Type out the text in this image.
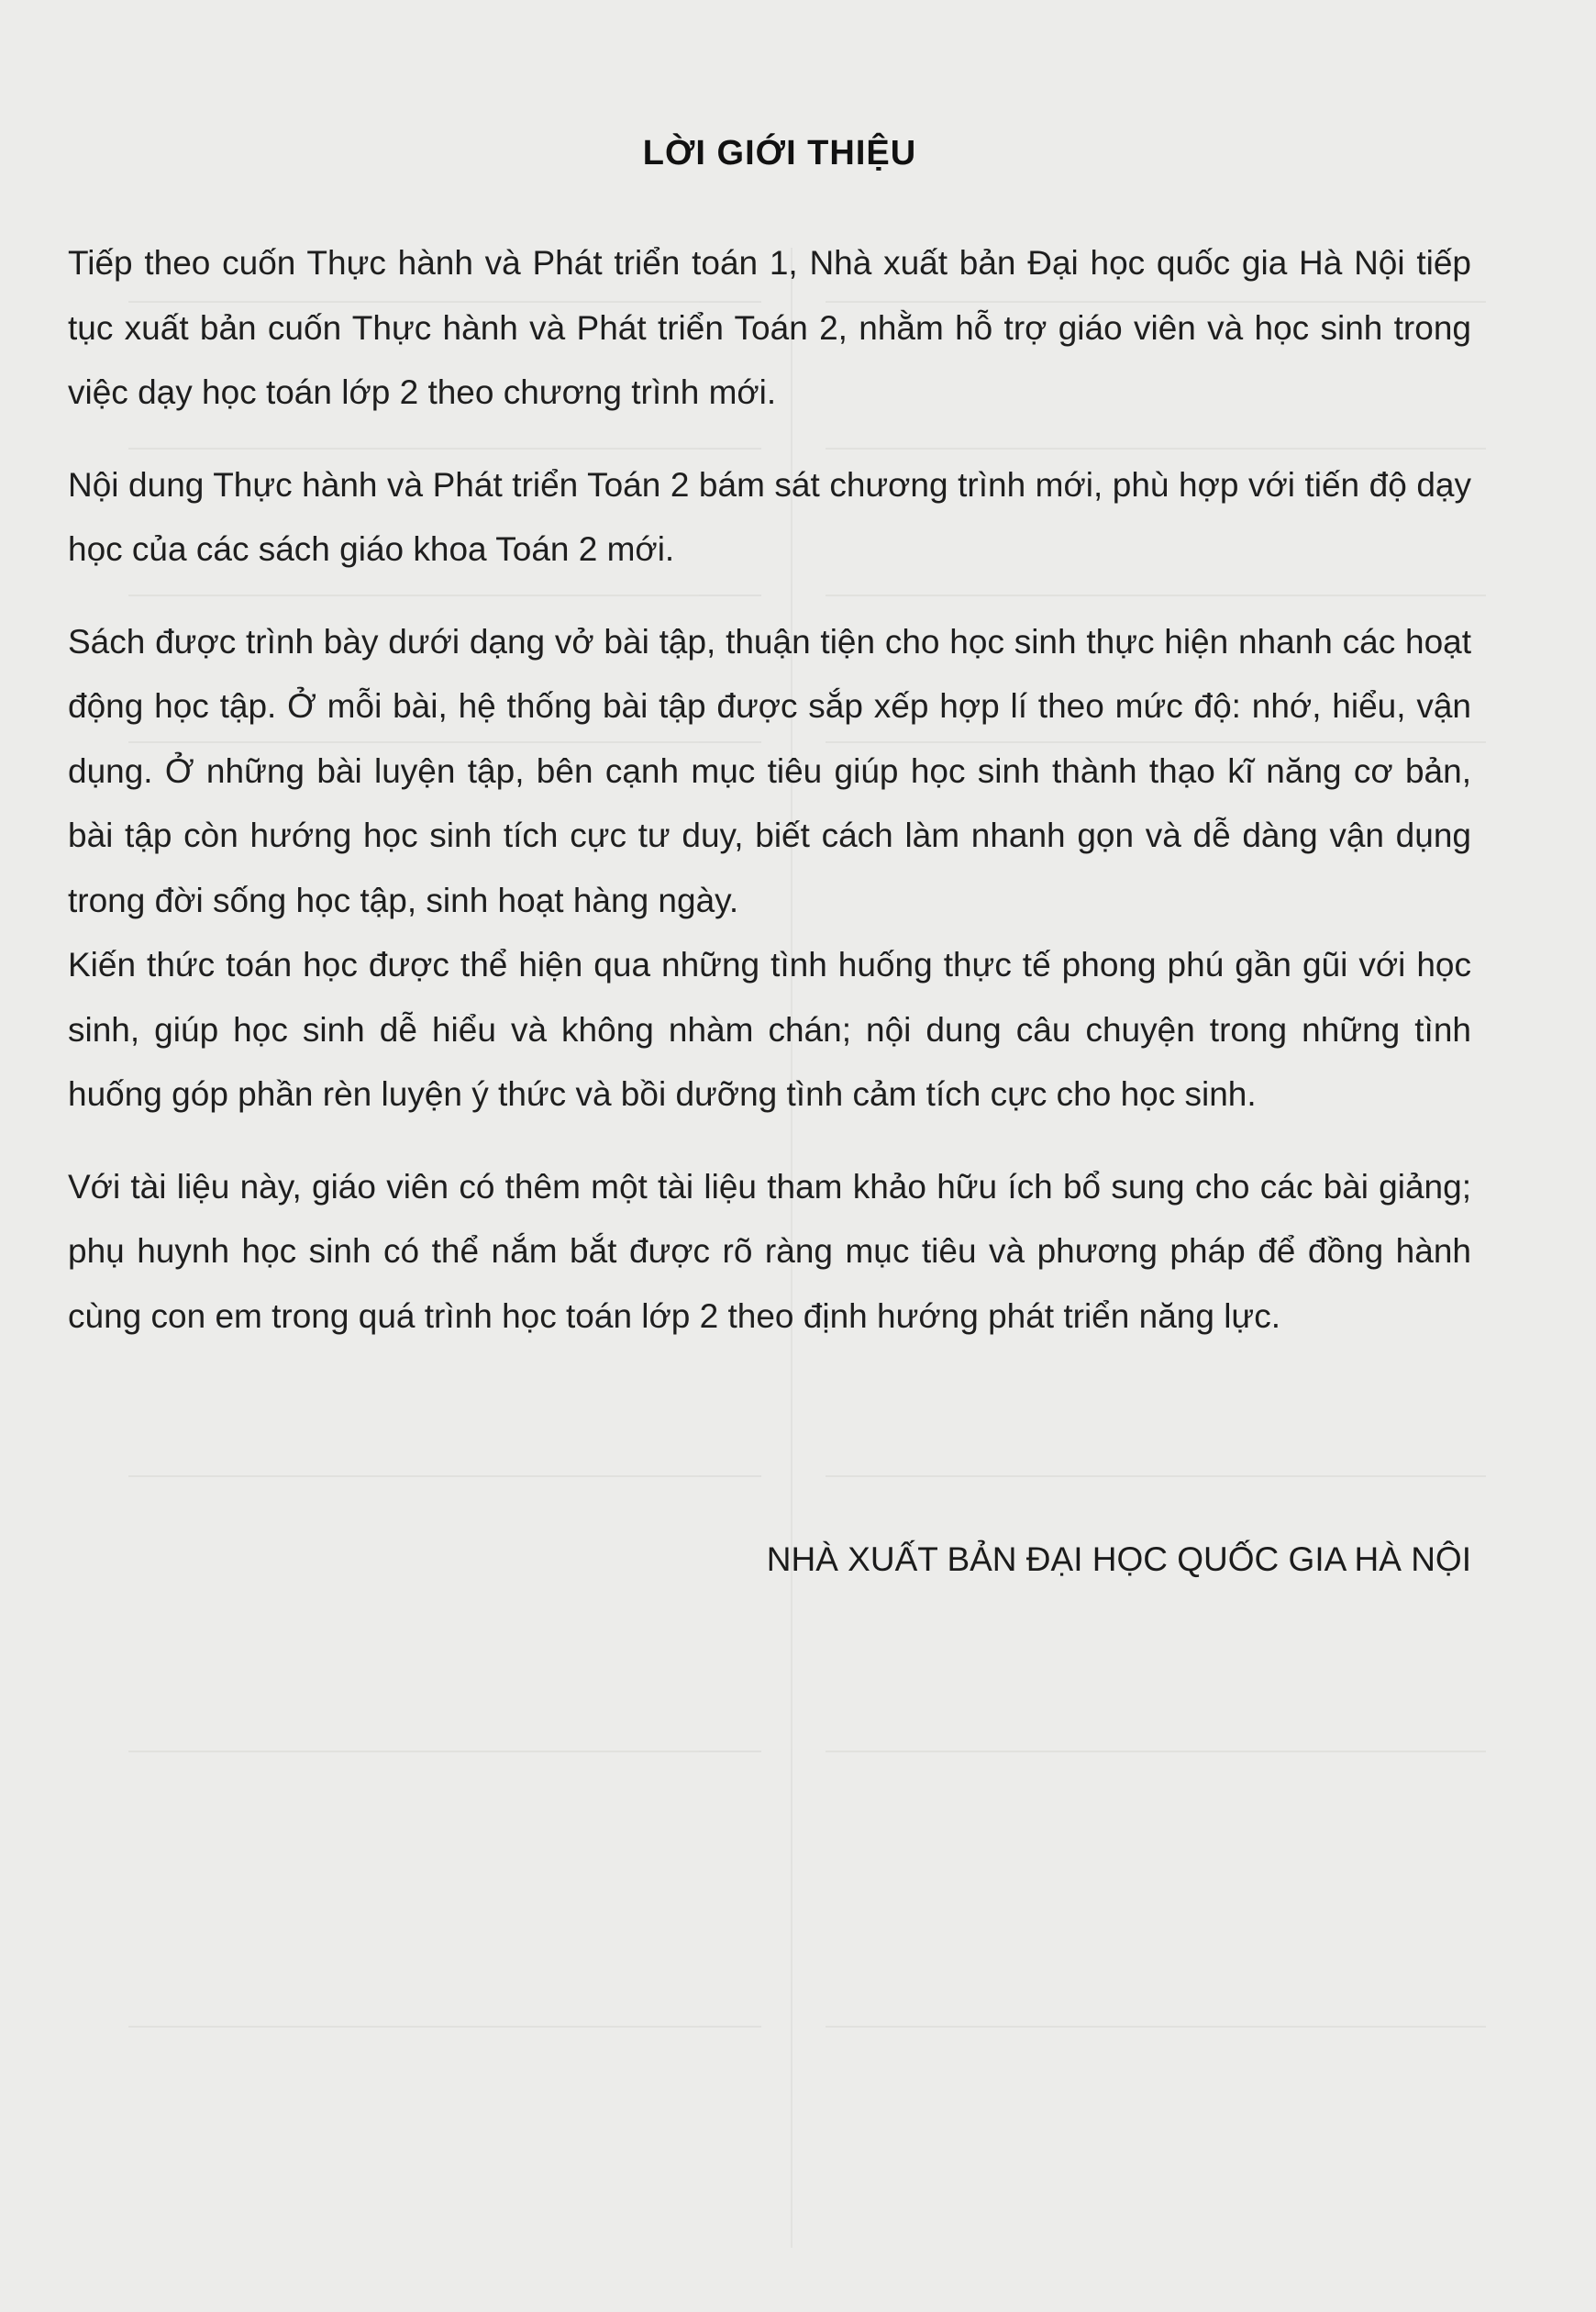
LỜI GIỚI THIỆU

Tiếp theo cuốn Thực hành và Phát triển toán 1, Nhà xuất bản Đại học quốc gia Hà Nội tiếp tục xuất bản cuốn Thực hành và Phát triển Toán 2, nhằm hỗ trợ giáo viên và học sinh trong việc dạy học toán lớp 2 theo chương trình mới.

Nội dung Thực hành và Phát triển Toán 2 bám sát chương trình mới, phù hợp với tiến độ dạy học của các sách giáo khoa Toán 2 mới.

Sách được trình bày dưới dạng vở bài tập, thuận tiện cho học sinh thực hiện nhanh các hoạt động học tập. Ở mỗi bài, hệ thống bài tập được sắp xếp hợp lí theo mức độ: nhớ, hiểu, vận dụng. Ở những bài luyện tập, bên cạnh mục tiêu giúp học sinh thành thạo kĩ năng cơ bản, bài tập còn hướng học sinh tích cực tư duy, biết cách làm nhanh gọn và dễ dàng vận dụng trong đời sống học tập, sinh hoạt hàng ngày.

Kiến thức toán học được thể hiện qua những tình huống thực tế phong phú gần gũi với học sinh, giúp học sinh dễ hiểu và không nhàm chán; nội dung câu chuyện trong những tình huống góp phần rèn luyện ý thức và bồi dưỡng tình cảm tích cực cho học sinh.

Với tài liệu này, giáo viên có thêm một tài liệu tham khảo hữu ích bổ sung cho các bài giảng; phụ huynh học sinh có thể nắm bắt được rõ ràng mục tiêu và phương pháp để đồng hành cùng con em trong quá trình học toán lớp 2 theo định hướng phát triển năng lực.

NHÀ XUẤT BẢN ĐẠI HỌC QUỐC GIA HÀ NỘI
